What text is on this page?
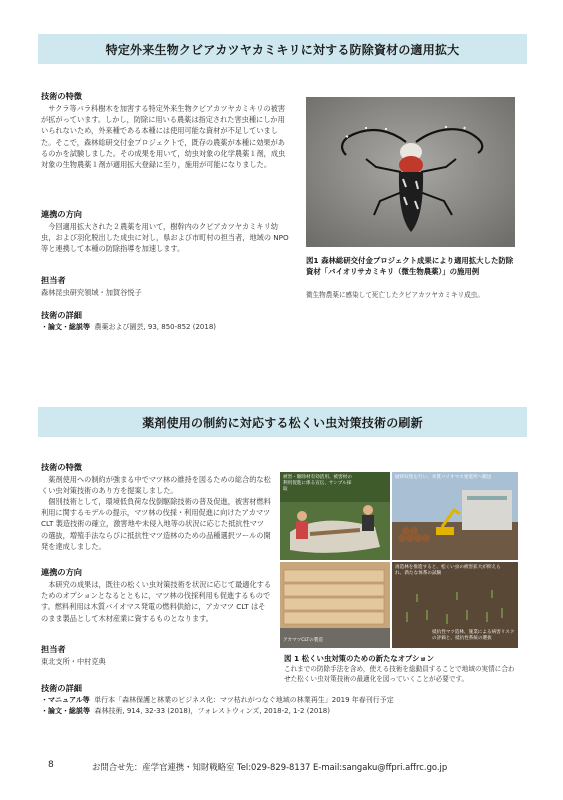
特定外来生物クビアカツヤカミキリに対する防除資材の適用拡大
技術の特徴

サクラ等バラ科樹木を加害する特定外来生物クビアカツヤカミキリの被害が拡がっています。しかし，防除に用いる農薬は指定された害虫種にしか用いられないため，外来種である本種には使用可能な資材が不足していました。そこで，森林総研交付金プロジェクトで，既存の農薬が本種に効果があるのかを試験しました。その成果を用いて，幼虫対象の化学農薬１剤，成虫対象の生物農薬１剤が適用拡大登録に至り，施用が可能になりました。

連携の方向

今回適用拡大された２農薬を用いて，樹幹内のクビアカツヤカミキリ幼虫，および羽化脱出した成虫に対し，県および市町村の担当者，地域の NPO 等と連携して本種の防除指導を加速します。

担当者
森林昆虫研究領域・加賀谷悦子
技術の詳細
・論文・総説等 農薬および園芸, 93, 850-852 (2018)
図1 森林総研交付金プロジェクト成果により適用拡大した防除資材「バイオリサカミキリ（微生物農薬）」の施用例
微生物農薬に感染して死亡したクビアカツヤカミキリ成虫。
薬剤使用の制約に対応する松くい虫対策技術の刷新
技術の特徴

薬剤使用への制約が強まる中でマツ林の維持を図るための総合的な松くい虫対策技術のあり方を提案しました。

個別技術として，環境低負荷な伐倒駆除技術の普及促進，被害材燃料利用に関するモデルの提示，マツ林の伐採・利用促進に向けたアカマツ CLT 製造技術の確立，激害地や未侵入地等の状況に応じた抵抗性マツの選抜，増殖手法ならびに抵抗性マツ造林のための品種選択ツールの開発を達成しました。

連携の方向

本研究の成果は，既往の松くい虫対策技術を状況に応じて最適化するためのオプションとなるとともに，マツ林の伐採利用も促進するものです。燃料利用は木質バイオマス発電の燃料供給に，アカマツ CLT はそのまま製品として木材産業に資するものとなります。

担当者
東北支所・中村克典
技術の詳細
・マニュアル等 単行本「森林保護と林業のビジネス化：マツ枯れがつなぐ地域の林業再生」2019 年春刊行予定
・論文・総説等 森林技術, 914, 32-33 (2018)，フォレストウィンズ, 2018-2, 1-2 (2018)
被害・駆除材有効活用、被害材の利用促進に係る宣伝、サンプル採取
破砕収集を行い、木質バイオマス発電所へ搬送
アカマツCLTの製造
再造林を推進すると、松くい虫の被害拡大が抑えられ、新たな体系の試験
抵抗性マツ造林、施業による病害リスクの評価と、抵抗性系統の選抜
図 1 松くい虫対策のための新たなオプション
これまでの防除手法を含め，使える技術を総動員することで地域の実情に合わせた松くい虫対策技術の最適化を図っていくことが必要です。
8	お問合せ先：産学官連携・知財戦略室 Tel:029-829-8137 E-mail:sangaku@ffpri.affrc.go.jp
